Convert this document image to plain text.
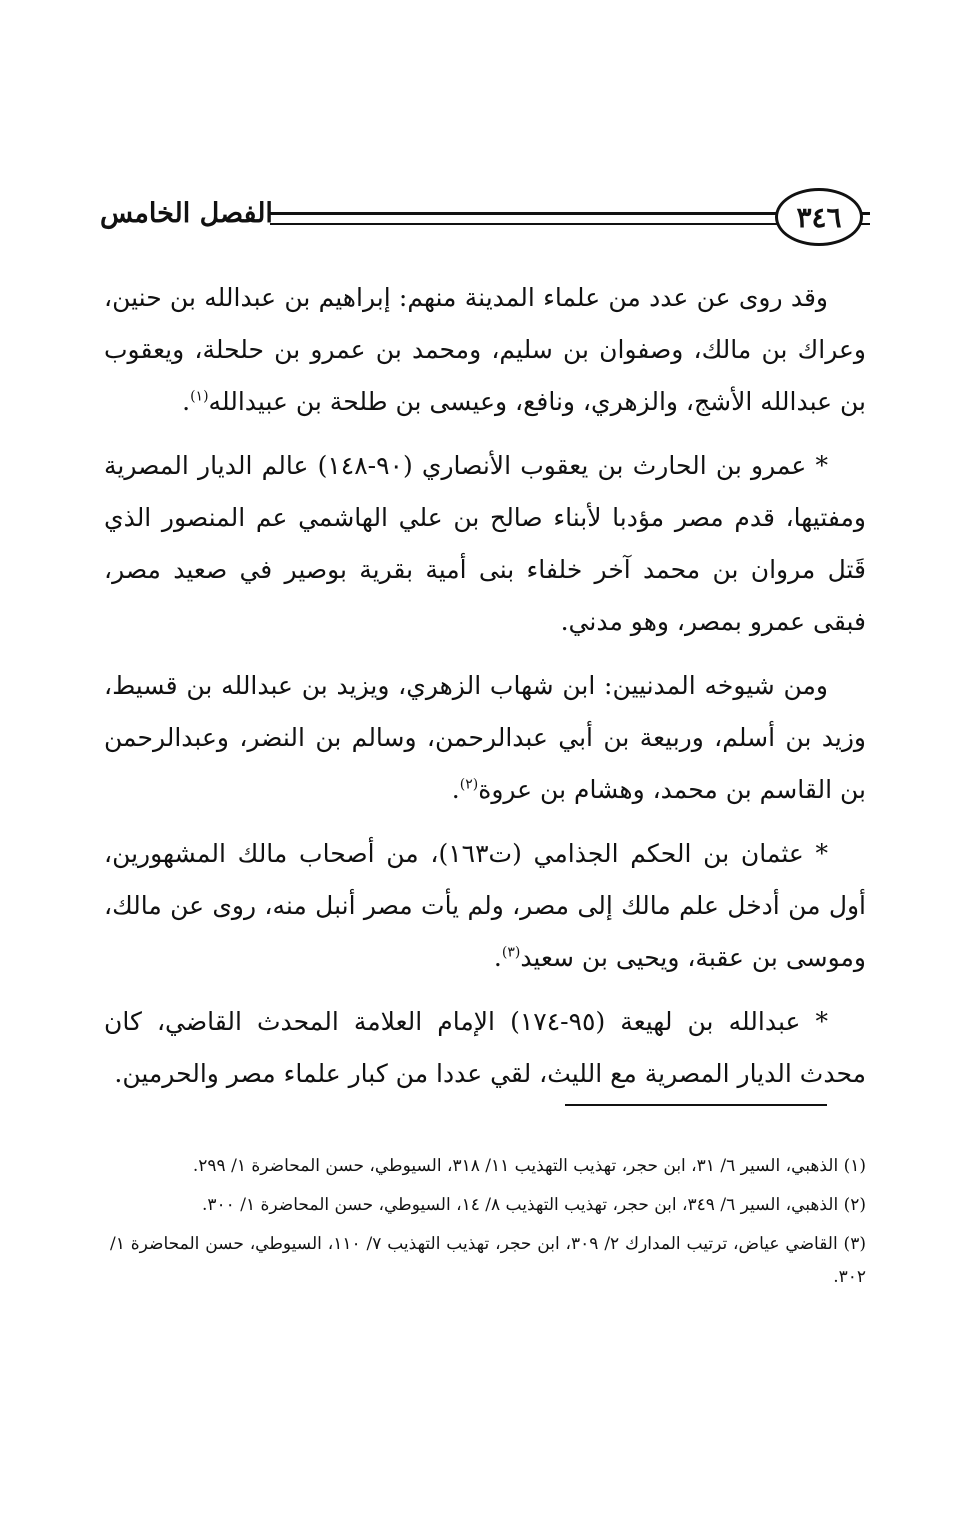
الفصل الخامس	٣٤٦

وقد روى عن عدد من علماء المدينة منهم: إبراهيم بن عبدالله بن حنين، وعراك بن مالك، وصفوان بن سليم، ومحمد بن عمرو بن حلحلة، ويعقوب بن عبدالله الأشج، والزهري، ونافع، وعيسى بن طلحة بن عبيدالله$^{(١)}$.

* عمرو بن الحارث بن يعقوب الأنصاري (٩٠-١٤٨) عالم الديار المصرية ومفتيها، قدم مصر مؤدبا لأبناء صالح بن علي الهاشمي عم المنصور الذي قَتل مروان بن محمد آخر خلفاء بنى أمية بقرية بوصير في صعيد مصر، فبقى عمرو بمصر، وهو مدني.

ومن شيوخه المدنيين: ابن شهاب الزهري، ويزيد بن عبدالله بن قسيط، وزيد بن أسلم، وربيعة بن أبي عبدالرحمن، وسالم بن النضر، وعبدالرحمن بن القاسم بن محمد، وهشام بن عروة$^{(٢)}$.

* عثمان بن الحكم الجذامي (ت١٦٣)، من أصحاب مالك المشهورين، أول من أدخل علم مالك إلى مصر، ولم يأت مصر أنبل منه، روى عن مالك، وموسى بن عقبة، ويحيى بن سعيد$^{(٣)}$.

* عبدالله بن لهيعة (٩٥-١٧٤) الإمام العلامة المحدث القاضي، كان محدث الديار المصرية مع الليث، لقي عددا من كبار علماء مصر والحرمين.

(١) الذهبي، السير ٦/ ٣١، ابن حجر، تهذيب التهذيب ١١/ ٣١٨، السيوطي، حسن المحاضرة ١/ ٢٩٩.

(٢) الذهبي، السير ٦/ ٣٤٩، ابن حجر، تهذيب التهذيب ٨/ ١٤، السيوطي، حسن المحاضرة ١/ ٣٠٠.

(٣) القاضي عياض، ترتيب المدارك ٢/ ٣٠٩، ابن حجر، تهذيب التهذيب ٧/ ١١٠، السيوطي، حسن المحاضرة ١/ ٣٠٢.
